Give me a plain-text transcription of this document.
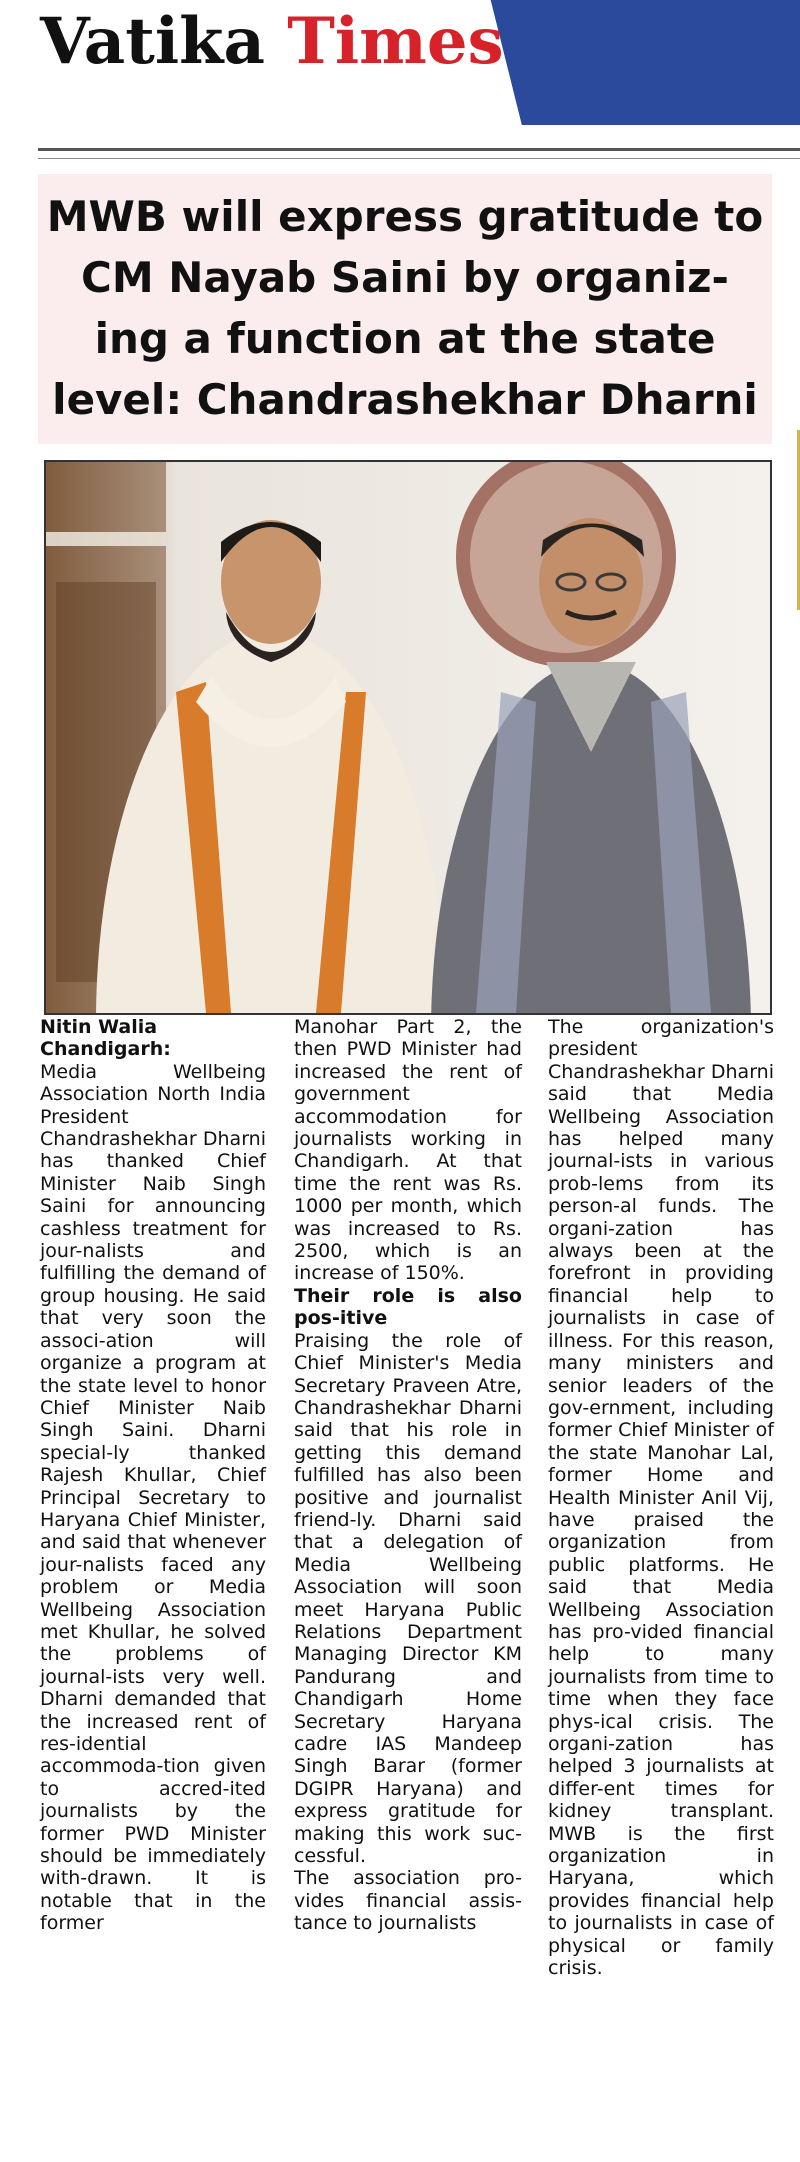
Vatika Times
MWB will express gratitude to CM Nayab Saini by organiz-ing a function at the state level: Chandrashekhar Dharni

Nitin Walia

Chandigarh:

Media Wellbeing Association North India President Chandrashekhar Dharni has thanked Chief Minister Naib Singh Saini for announcing cashless treatment for jour-nalists and fulfilling the demand of group housing. He said that very soon the associ-ation will organize a program at the state level to honor Chief Minister Naib Singh Saini. Dharni special-ly thanked Rajesh Khullar, Chief Principal Secretary to Haryana Chief Minister, and said that whenever jour-nalists faced any problem or Media Wellbeing Association met Khullar, he solved the problems of journal-ists very well. Dharni demanded that the increased rent of res-idential accommoda-tion given to accred-ited journalists by the former PWD Minister should be immediately with-drawn. It is notable that in the former

Manohar Part 2, the then PWD Minister had increased the rent of government accommodation for journalists working in Chandigarh. At that time the rent was Rs. 1000 per month, which was increased to Rs. 2500, which is an increase of 150%.

Their role is also pos-itive

Praising the role of Chief Minister's Media Secretary Praveen Atre, Chandrashekhar Dharni said that his role in getting this demand fulfilled has also been positive and journalist friend-ly. Dharni said that a delegation of Media Wellbeing Association will soon meet Haryana Public Relations Department Managing Director KM Pandurang and Chandigarh Home Secretary Haryana cadre IAS Mandeep Singh Barar (former DGIPR Haryana) and express gratitude for making this work suc-cessful.

The association pro-vides financial assis-tance to journalists

The organization's president Chandrashekhar Dharni said that Media Wellbeing Association has helped many journal-ists in various prob-lems from its person-al funds. The organi-zation has always been at the forefront in providing financial help to journalists in case of illness. For this reason, many ministers and senior leaders of the gov-ernment, including former Chief Minister of the state Manohar Lal, former Home and Health Minister Anil Vij, have praised the organization from public platforms. He said that Media Wellbeing Association has pro-vided financial help to many journalists from time to time when they face phys-ical crisis. The organi-zation has helped 3 journalists at differ-ent times for kidney transplant. MWB is the first organization in Haryana, which provides financial help to journalists in case of physical or family crisis.
